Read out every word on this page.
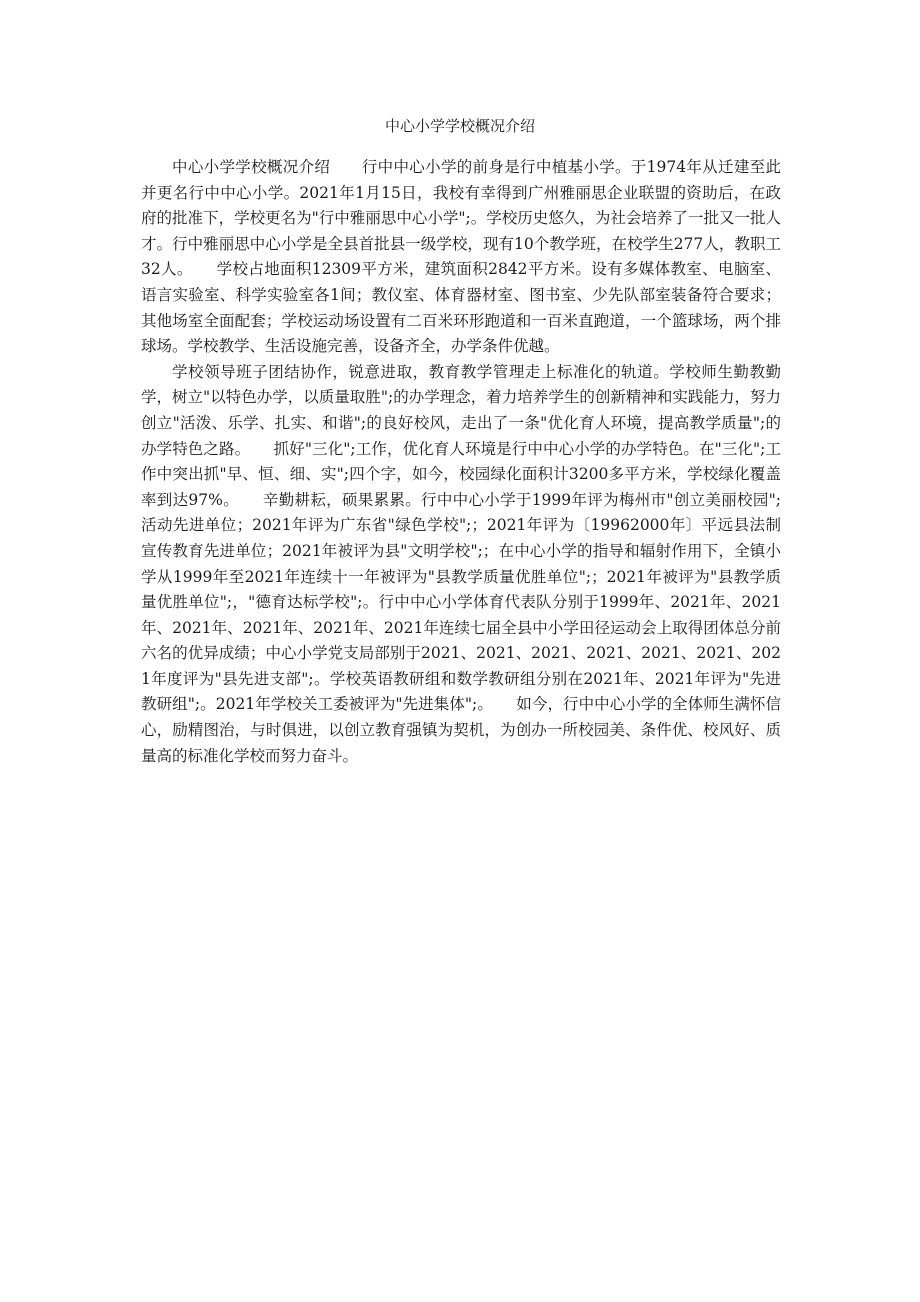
中心小学学校概况介绍

中心小学学校概况介绍　　行中中心小学的前身是行中植基小学。于1974年从迁建至此并更名行中中心小学。2021年1月15日，我校有幸得到广州雅丽思企业联盟的资助后，在政府的批准下，学校更名为"行中雅丽思中心小学";。学校历史悠久，为社会培养了一批又一批人才。行中雅丽思中心小学是全县首批县一级学校，现有10个教学班，在校学生277人，教职工32人。　　学校占地面积12309平方米，建筑面积2842平方米。设有多媒体教室、电脑室、语言实验室、科学实验室各1间；教仪室、体育器材室、图书室、少先队部室装备符合要求；其他场室全面配套；学校运动场设置有二百米环形跑道和一百米直跑道，一个篮球场，两个排球场。学校教学、生活设施完善，设备齐全，办学条件优越。

学校领导班子团结协作，锐意进取，教育教学管理走上标准化的轨道。学校师生勤教勤学，树立"以特色办学，以质量取胜";的办学理念，着力培养学生的创新精神和实践能力，努力创立"活泼、乐学、扎实、和谐";的良好校风，走出了一条"优化育人环境，提高教学质量";的办学特色之路。　　抓好"三化";工作，优化育人环境是行中中心小学的办学特色。在"三化";工作中突出抓"早、恒、细、实";四个字，如今，校园绿化面积计3200多平方米，学校绿化覆盖率到达97%。　　辛勤耕耘，硕果累累。行中中心小学于1999年评为梅州市"创立美丽校园";活动先进单位；2021年评为广东省"绿色学校";；2021年评为〔19962000年〕平远县法制宣传教育先进单位；2021年被评为县"文明学校";；在中心小学的指导和辐射作用下，全镇小学从1999年至2021年连续十一年被评为"县教学质量优胜单位";；2021年被评为"县教学质量优胜单位";，"德育达标学校";。行中中心小学体育代表队分别于1999年、2021年、2021年、2021年、2021年、2021年、2021年连续七届全县中小学田径运动会上取得团体总分前六名的优异成绩；中心小学党支局部别于2021、2021、2021、2021、2021、2021、2021年度评为"县先进支部";。学校英语教研组和数学教研组分别在2021年、2021年评为"先进教研组";。2021年学校关工委被评为"先进集体";。　　如今，行中中心小学的全体师生满怀信心，励精图治，与时俱进，以创立教育强镇为契机，为创办一所校园美、条件优、校风好、质量高的标准化学校而努力奋斗。
